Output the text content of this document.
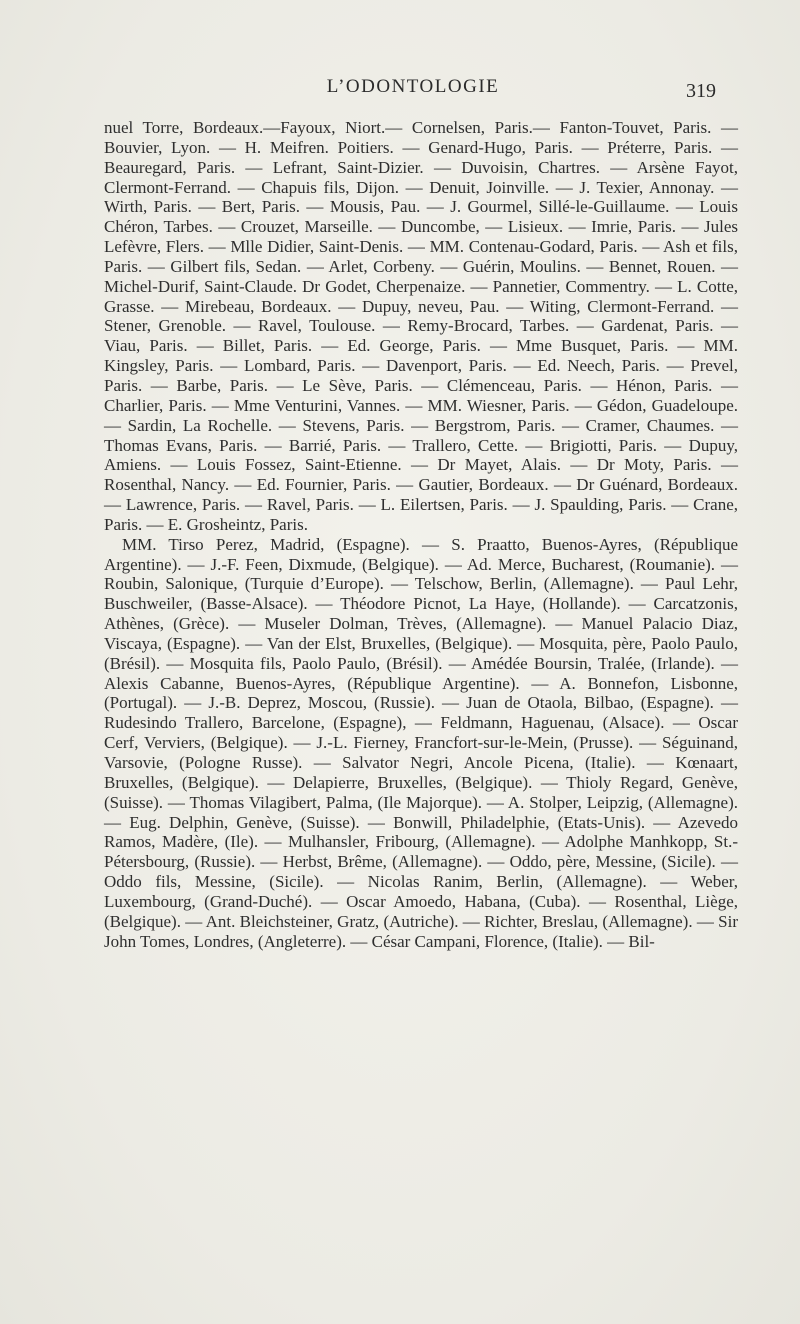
L’ODONTOLOGIE	319

nuel Torre, Bordeaux.—Fayoux, Niort.— Cornelsen, Paris.— Fanton-Touvet, Paris. — Bouvier, Lyon. — H. Meifren. Poitiers. — Genard-Hugo, Paris. — Préterre, Paris. — Beauregard, Paris. — Lefrant, Saint-Dizier. — Duvoisin, Chartres. — Arsène Fayot, Clermont-Ferrand. — Chapuis fils, Dijon. — Denuit, Joinville. — J. Texier, Annonay. — Wirth, Paris. — Bert, Paris. — Mousis, Pau. — J. Gourmel, Sillé-le-Guillaume. — Louis Chéron, Tarbes. — Crouzet, Marseille. — Duncombe, — Lisieux. — Imrie, Paris. — Jules Lefèvre, Flers. — Mlle Didier, Saint-Denis. — MM. Contenau-Godard, Paris. — Ash et fils, Paris. — Gilbert fils, Sedan. — Arlet, Corbeny. — Guérin, Moulins. — Bennet, Rouen. — Michel-Durif, Saint-Claude. Dr Godet, Cherpenaize. — Pannetier, Commentry. — L. Cotte, Grasse. — Mirebeau, Bordeaux. — Dupuy, neveu, Pau. — Witing, Clermont-Ferrand. — Stener, Grenoble. — Ravel, Toulouse. — Remy-Brocard, Tarbes. — Gardenat, Paris. — Viau, Paris. — Billet, Paris. — Ed. George, Paris. — Mme Busquet, Paris. — MM. Kingsley, Paris. — Lombard, Paris. — Davenport, Paris. — Ed. Neech, Paris. — Prevel, Paris. — Barbe, Paris. — Le Sève, Paris. — Clémenceau, Paris. — Hénon, Paris. — Charlier, Paris. — Mme Venturini, Vannes. — MM. Wiesner, Paris. — Gédon, Guadeloupe. — Sardin, La Rochelle. — Stevens, Paris. — Bergstrom, Paris. — Cramer, Chaumes. — Thomas Evans, Paris. — Barrié, Paris. — Trallero, Cette. — Brigiotti, Paris. — Dupuy, Amiens. — Louis Fossez, Saint-Etienne. — Dr Mayet, Alais. — Dr Moty, Paris. — Rosenthal, Nancy. — Ed. Fournier, Paris. — Gautier, Bordeaux. — Dr Guénard, Bordeaux. — Lawrence, Paris. — Ravel, Paris. — L. Eilertsen, Paris. — J. Spaulding, Paris. — Crane, Paris. — E. Grosheintz, Paris.

MM. Tirso Perez, Madrid, (Espagne). — S. Praatto, Buenos-Ayres, (République Argentine). — J.-F. Feen, Dixmude, (Belgique). — Ad. Merce, Bucharest, (Roumanie). — Roubin, Salonique, (Turquie d’Europe). — Telschow, Berlin, (Allemagne). — Paul Lehr, Buschweiler, (Basse-Alsace). — Théodore Picnot, La Haye, (Hollande). — Carcatzonis, Athènes, (Grèce). — Museler Dolman, Trèves, (Allemagne). — Manuel Palacio Diaz, Viscaya, (Espagne). — Van der Elst, Bruxelles, (Belgique). — Mosquita, père, Paolo Paulo, (Brésil). — Mosquita fils, Paolo Paulo, (Brésil). — Amédée Boursin, Tralée, (Irlande). — Alexis Cabanne, Buenos-Ayres, (République Argentine). — A. Bonnefon, Lisbonne, (Portugal). — J.-B. Deprez, Moscou, (Russie). — Juan de Otaola, Bilbao, (Espagne). — Rudesindo Trallero, Barcelone, (Espagne), — Feldmann, Haguenau, (Alsace). — Oscar Cerf, Verviers, (Belgique). — J.-L. Fierney, Francfort-sur-le-Mein, (Prusse). — Séguinand, Varsovie, (Pologne Russe). — Salvator Negri, Ancole Picena, (Italie). — Kœnaart, Bruxelles, (Belgique). — Delapierre, Bruxelles, (Belgique). — Thioly Regard, Genève, (Suisse). — Thomas Vilagibert, Palma, (Ile Majorque). — A. Stolper, Leipzig, (Allemagne). — Eug. Delphin, Genève, (Suisse). — Bonwill, Philadelphie, (Etats-Unis). — Azevedo Ramos, Madère, (Ile). — Mulhansler, Fribourg, (Allemagne). — Adolphe Manhkopp, St.-Pétersbourg, (Russie). — Herbst, Brême, (Allemagne). — Oddo, père, Messine, (Sicile). — Oddo fils, Messine, (Sicile). — Nicolas Ranim, Berlin, (Allemagne). — Weber, Luxembourg, (Grand-Duché). — Oscar Amoedo, Habana, (Cuba). — Rosenthal, Liège, (Belgique). — Ant. Bleichsteiner, Gratz, (Autriche). — Richter, Breslau, (Allemagne). — Sir John Tomes, Londres, (Angleterre). — César Campani, Florence, (Italie). — Bil-
